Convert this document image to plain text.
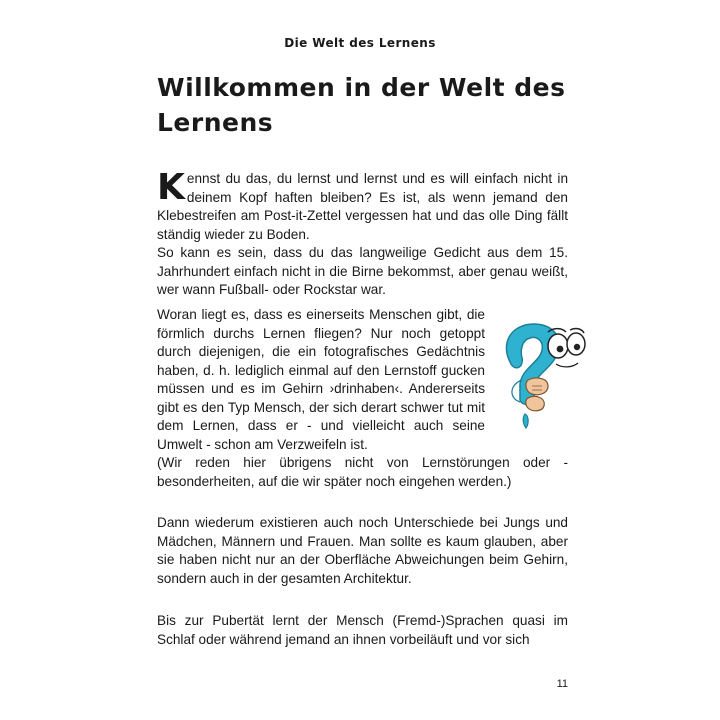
Die Welt des Lernens
Willkommen in der Welt des Lernens

Kennst du das, du lernst und lernst und es will einfach nicht in deinem Kopf haften bleiben? Es ist, als wenn jemand den Klebestreifen am Post-it-Zettel vergessen hat und das olle Ding fällt ständig wieder zu Boden.

So kann es sein, dass du das langweilige Gedicht aus dem 15. Jahrhundert einfach nicht in die Birne bekommst, aber genau weißt, wer wann Fußball- oder Rockstar war.

Woran liegt es, dass es einerseits Menschen gibt, die förmlich durchs Lernen fliegen? Nur noch getoppt durch diejenigen, die ein fotografisches Gedächtnis haben, d. h. lediglich einmal auf den Lernstoff gucken müssen und es im Gehirn ›drinhaben‹. Andererseits gibt es den Typ Mensch, der sich derart schwer tut mit dem Lernen, dass er - und vielleicht auch seine Umwelt - schon am Verzweifeln ist.

(Wir reden hier übrigens nicht von Lernstörungen oder -besonderheiten, auf die wir später noch eingehen werden.)

Dann wiederum existieren auch noch Unterschiede bei Jungs und Mädchen, Männern und Frauen. Man sollte es kaum glauben, aber sie haben nicht nur an der Oberfläche Abweichungen beim Gehirn, sondern auch in der gesamten Architektur.

Bis zur Pubertät lernt der Mensch (Fremd-)Sprachen quasi im Schlaf oder während jemand an ihnen vorbeiläuft und vor sich

11
